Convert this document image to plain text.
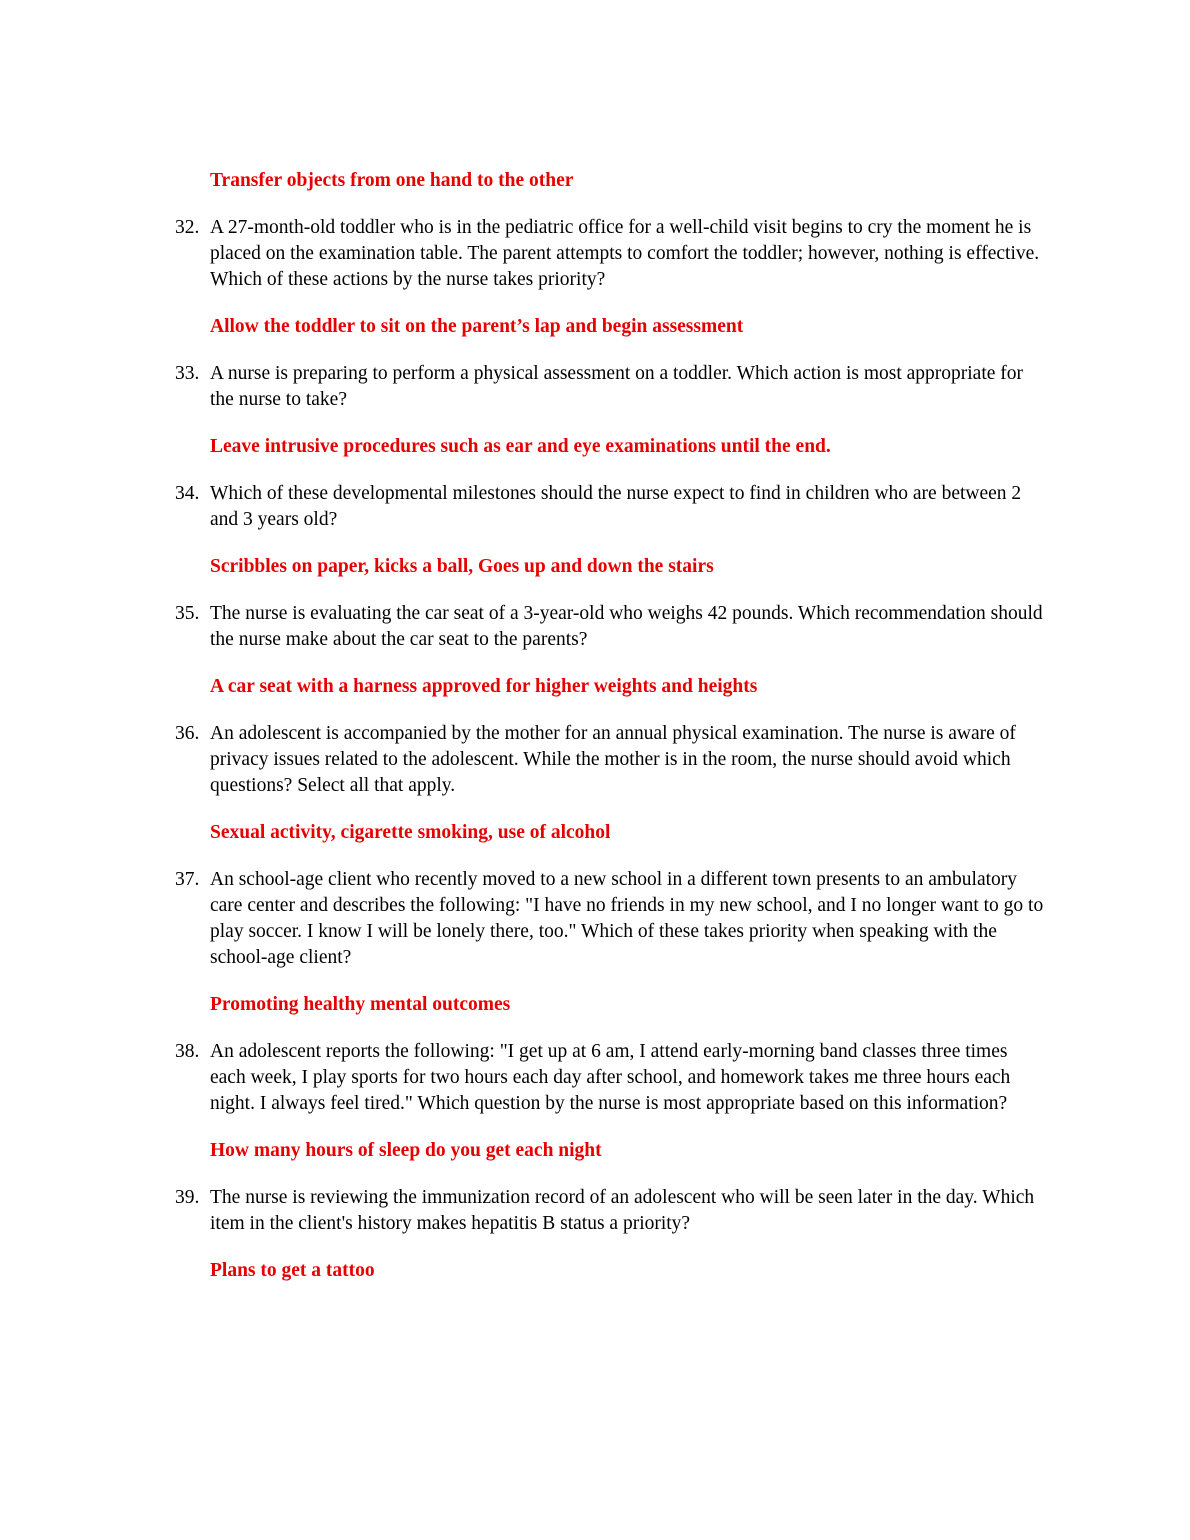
Transfer objects from one hand to the other
32. A 27-month-old toddler who is in the pediatric office for a well-child visit begins to cry the moment he is placed on the examination table. The parent attempts to comfort the toddler; however, nothing is effective. Which of these actions by the nurse takes priority?
Allow the toddler to sit on the parent’s lap and begin assessment
33. A nurse is preparing to perform a physical assessment on a toddler. Which action is most appropriate for the nurse to take?
Leave intrusive procedures such as ear and eye examinations until the end.
34. Which of these developmental milestones should the nurse expect to find in children who are between 2 and 3 years old?
Scribbles on paper, kicks a ball, Goes up and down the stairs
35. The nurse is evaluating the car seat of a 3-year-old who weighs 42 pounds. Which recommendation should the nurse make about the car seat to the parents?
A car seat with a harness approved for higher weights and heights
36. An adolescent is accompanied by the mother for an annual physical examination. The nurse is aware of privacy issues related to the adolescent. While the mother is in the room, the nurse should avoid which questions? Select all that apply.
Sexual activity, cigarette smoking, use of alcohol
37. An school-age client who recently moved to a new school in a different town presents to an ambulatory care center and describes the following: "I have no friends in my new school, and I no longer want to go to play soccer. I know I will be lonely there, too." Which of these takes priority when speaking with the school-age client?
Promoting healthy mental outcomes
38. An adolescent reports the following: "I get up at 6 am, I attend early-morning band classes three times each week, I play sports for two hours each day after school, and homework takes me three hours each night. I always feel tired." Which question by the nurse is most appropriate based on this information?
How many hours of sleep do you get each night
39. The nurse is reviewing the immunization record of an adolescent who will be seen later in the day. Which item in the client's history makes hepatitis B status a priority?
Plans to get a tattoo
